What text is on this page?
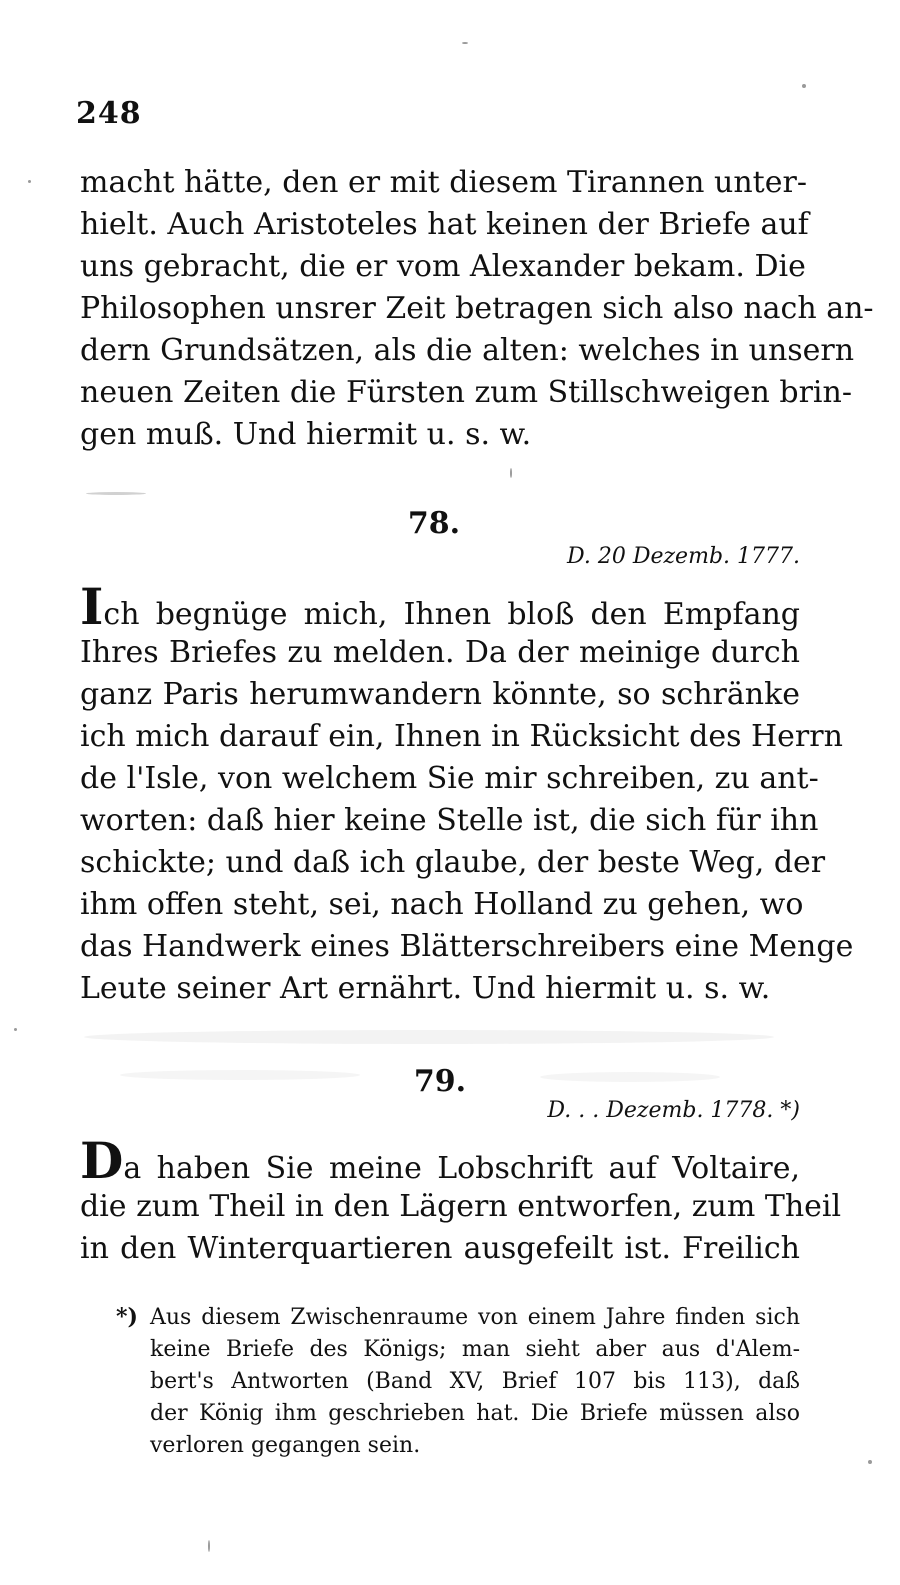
248
macht hätte, den er mit diesem Tirannen unter-
hielt. Auch Aristoteles hat keinen der Briefe auf
uns gebracht, die er vom Alexander bekam. Die
Philosophen unsrer Zeit betragen sich also nach an-
dern Grundsätzen, als die alten: welches in unsern
neuen Zeiten die Fürsten zum Stillschweigen brin-
gen muß. Und hiermit u. s. w.
78.
D. 20 Dezemb. 1777.
Ich begnüge mich, Ihnen bloß den Empfang
Ihres Briefes zu melden. Da der meinige durch
ganz Paris herumwandern könnte, so schränke
ich mich darauf ein, Ihnen in Rücksicht des Herrn
de l'Isle, von welchem Sie mir schreiben, zu ant-
worten: daß hier keine Stelle ist, die sich für ihn
schickte; und daß ich glaube, der beste Weg, der
ihm offen steht, sei, nach Holland zu gehen, wo
das Handwerk eines Blätterschreibers eine Menge
Leute seiner Art ernährt. Und hiermit u. s. w.
79.
D. . . Dezemb. 1778. *)
Da haben Sie meine Lobschrift auf Voltaire,
die zum Theil in den Lägern entworfen, zum Theil
in den Winterquartieren ausgefeilt ist. Freilich
*) Aus diesem Zwischenraume von einem Jahre finden sich
keine Briefe des Königs; man sieht aber aus d'Alem-
bert's Antworten (Band XV, Brief 107 bis 113), daß
der König ihm geschrieben hat. Die Briefe müssen also
verloren gegangen sein.
